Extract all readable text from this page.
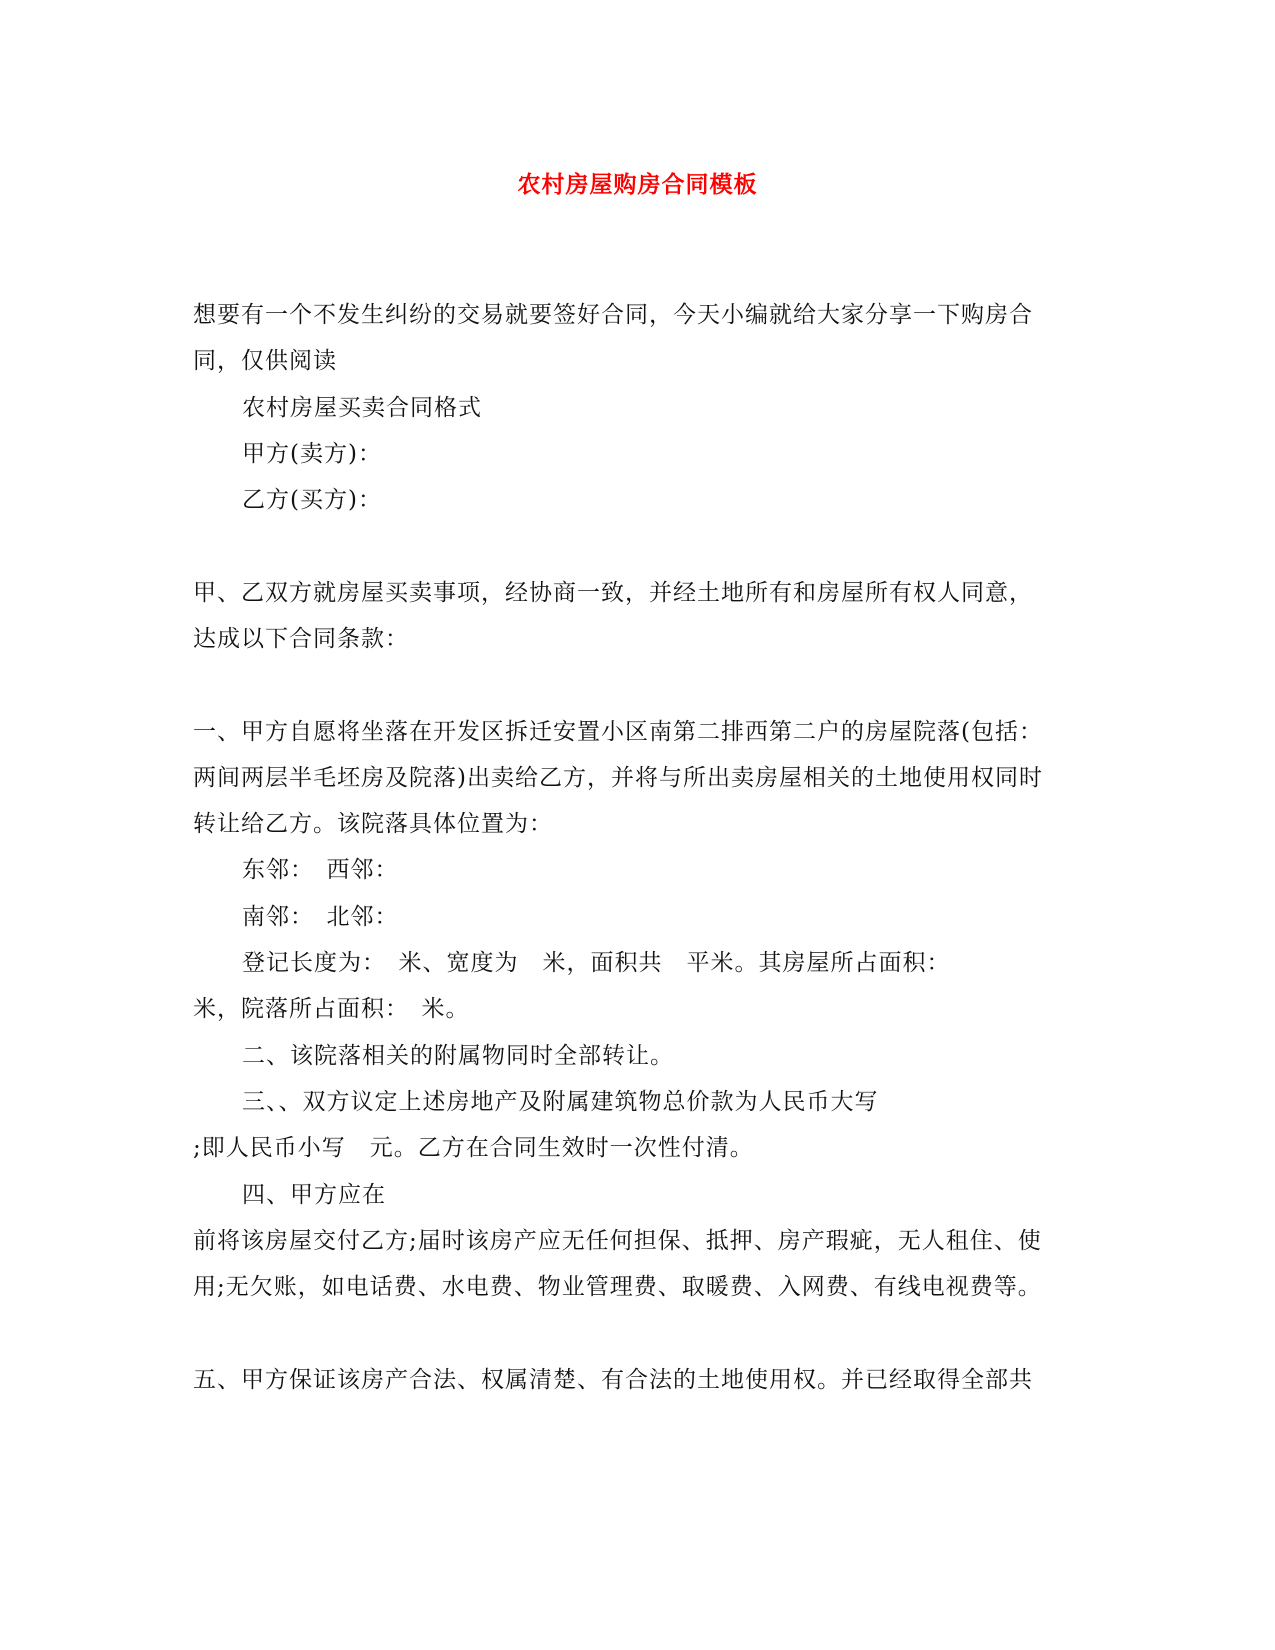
农村房屋购房合同模板
想要有一个不发生纠纷的交易就要签好合同，今天小编就给大家分享一下购房合
同，仅供阅读
农村房屋买卖合同格式
甲方(卖方)：
乙方(买方)：
甲、乙双方就房屋买卖事项，经协商一致，并经土地所有和房屋所有权人同意，
达成以下合同条款：
一、甲方自愿将坐落在开发区拆迁安置小区南第二排西第二户的房屋院落(包括：
两间两层半毛坯房及院落)出卖给乙方，并将与所出卖房屋相关的土地使用权同时
转让给乙方。该院落具体位置为：
东邻：　西邻：
南邻：　北邻：
登记长度为：　米、宽度为　米，面积共　平米。其房屋所占面积：
米，院落所占面积：　米。
二、该院落相关的附属物同时全部转让。
三、、双方议定上述房地产及附属建筑物总价款为人民币大写
;即人民币小写　元。乙方在合同生效时一次性付清。
四、甲方应在
前将该房屋交付乙方;届时该房产应无任何担保、抵押、房产瑕疵，无人租住、使
用;无欠账，如电话费、水电费、物业管理费、取暖费、入网费、有线电视费等。
五、甲方保证该房产合法、权属清楚、有合法的土地使用权。并已经取得全部共
